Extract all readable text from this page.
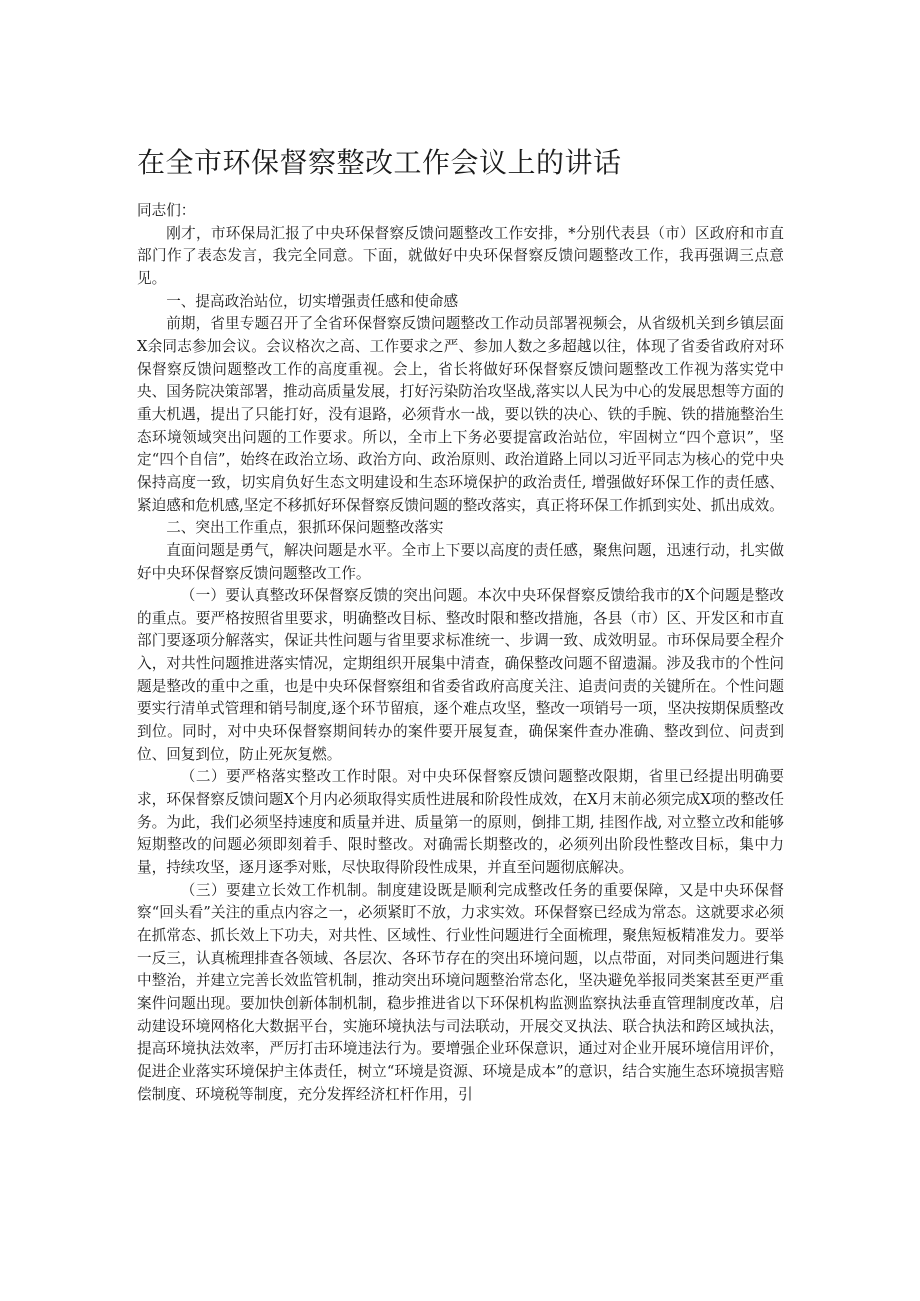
在全市环保督察整改工作会议上的讲话

同志们：

刚才，市环保局汇报了中央环保督察反馈问题整改工作安排，*分别代表县（市）区政府和市直部门作了表态发言，我完全同意。下面，就做好中央环保督察反馈问题整改工作，我再强调三点意见。

一、提高政治站位，切实增强责任感和使命感

前期，省里专题召开了全省环保督察反馈问题整改工作动员部署视频会，从省级机关到乡镇层面X余同志参加会议。会议格次之高、工作要求之严、参加人数之多超越以往，体现了省委省政府对环保督察反馈问题整改工作的高度重视。会上，省长将做好环保督察反馈问题整改工作视为落实党中央、国务院决策部署，推动高质量发展，打好污染防治攻坚战,落实以人民为中心的发展思想等方面的重大机遇，提出了只能打好，没有退路，必须背水一战，要以铁的决心、铁的手腕、铁的措施整治生态环境领域突出问题的工作要求。所以，全市上下务必要提富政治站位，牢固树立“四个意识”，坚定“四个自信”，始终在政治立场、政治方向、政治原则、政治道路上同以习近平同志为核心的党中央保持高度一致，切实肩负好生态文明建设和生态环境保护的政治责任, 增强做好环保工作的责任感、紧迫感和危机感,坚定不移抓好环保督察反馈问题的整改落实，真正将环保工作抓到实处、抓出成效。

二、突出工作重点，狠抓环保问题整改落实

直面问题是勇气，解决问题是水平。全市上下要以高度的责任感，聚焦问题，迅速行动，扎实做好中央环保督察反馈问题整改工作。

（一）要认真整改环保督察反馈的突出问题。本次中央环保督察反馈给我市的X个问题是整改的重点。要严格按照省里要求，明确整改目标、整改时限和整改措施，各县（市）区、开发区和市直部门要逐项分解落实，保证共性问题与省里要求标准统一、步调一致、成效明显。市环保局要全程介入，对共性问题推进落实情况，定期组织开展集中清查，确保整改问题不留遗漏。涉及我市的个性问题是整改的重中之重，也是中央环保督察组和省委省政府高度关注、追责问责的关键所在。个性问题要实行清单式管理和销号制度,逐个环节留痕，逐个难点攻坚，整改一项销号一项，坚决按期保质整改到位。同时，对中央环保督察期间转办的案件要开展复查，确保案件查办准确、整改到位、问责到位、回复到位，防止死灰复燃。

（二）要严格落实整改工作时限。对中央环保督察反馈问题整改限期，省里已经提出明确要求，环保督察反馈问题X个月内必须取得实质性进展和阶段性成效，在X月末前必须完成X项的整改任务。为此，我们必须坚持速度和质量并进、质量第一的原则，倒排工期, 挂图作战, 对立整立改和能够短期整改的问题必须即刻着手、限时整改。对确需长期整改的，必须列出阶段性整改目标，集中力量，持续攻坚，逐月逐季对账，尽快取得阶段性成果，并直至问题彻底解决。

（三）要建立长效工作机制。制度建设既是顺利完成整改任务的重要保障，又是中央环保督察“回头看”关注的重点内容之一，必须紧盯不放，力求实效。环保督察已经成为常态。这就要求必须在抓常态、抓长效上下功夫，对共性、区域性、行业性问题进行全面梳理，聚焦短板精准发力。要举一反三，认真梳理排查各领域、各层次、各环节存在的突出环境问题，以点带面，对同类问题进行集中整治，并建立完善长效监管机制，推动突出环境问题整治常态化，坚决避免举报同类案甚至更严重案件问题出现。要加快创新体制机制，稳步推进省以下环保机构监测监察执法垂直管理制度改革，启动建设环境网格化大数据平台，实施环境执法与司法联动，开展交叉执法、联合执法和跨区域执法，提高环境执法效率，严厉打击环境违法行为。要增强企业环保意识，通过对企业开展环境信用评价，促进企业落实环境保护主体责任，树立“环境是资源、环境是成本”的意识，结合实施生态环境损害赔偿制度、环境税等制度，充分发挥经济杠杆作用，引
